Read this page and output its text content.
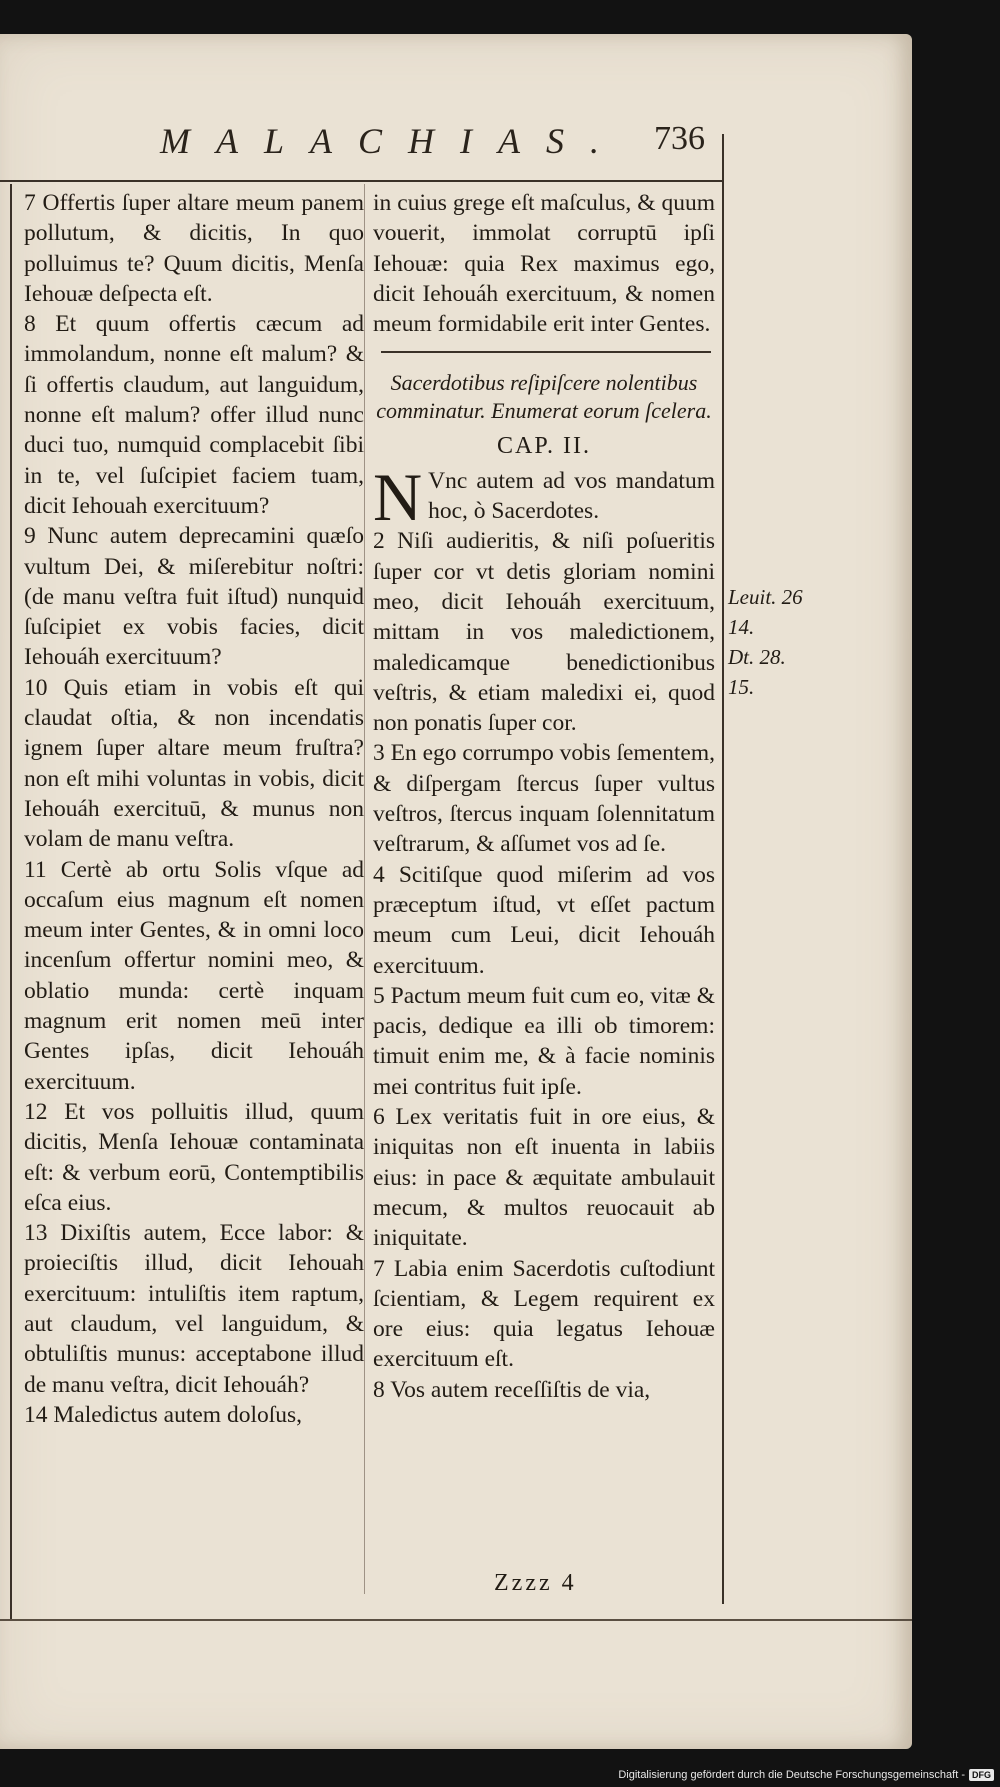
MALACHIAS. 736

7 Offertis ſuper altare meum panem pollutum, & dicitis, In quo polluimus te? Quum dicitis, Menſa Iehouæ deſpecta eſt.

8 Et quum offertis cæcum ad immolandum, nonne eſt malum? & ſi offertis claudum, aut languidum, nonne eſt malum? offer illud nunc duci tuo, numquid complacebit ſibi in te, vel ſuſcipiet faciem tuam, dicit Iehouah exercituum?

9 Nunc autem deprecamini quæſo vultum Dei, & miſerebitur noſtri: (de manu veſtra fuit iſtud) nunquid ſuſcipiet ex vobis facies, dicit Iehouáh exercituum?

10 Quis etiam in vobis eſt qui claudat oſtia, & non incendatis ignem ſuper altare meum fruſtra? non eſt mihi voluntas in vobis, dicit Iehouáh exercituū, & munus non volam de manu veſtra.

11 Certè ab ortu Solis vſque ad occaſum eius magnum eſt nomen meum inter Gentes, & in omni loco incenſum offertur nomini meo, & oblatio munda: certè inquam magnum erit nomen meū inter Gentes ipſas, dicit Iehouáh exercituum.

12 Et vos polluitis illud, quum dicitis, Menſa Iehouæ contaminata eſt: & verbum eorū, Contemptibilis eſca eius.

13 Dixiſtis autem, Ecce labor: & proieciſtis illud, dicit Iehouah exercituum: intuliſtis item raptum, aut claudum, vel languidum, & obtuliſtis munus: acceptabone illud de manu veſtra, dicit Iehouáh?

14 Maledictus autem doloſus,

in cuius grege eſt maſculus, & quum vouerit, immolat corruptū ipſi Iehouæ: quia Rex maximus ego, dicit Iehouáh exercituum, & nomen meum formidabile erit inter Gentes.

Sacerdotibus reſipiſcere nolentibus comminatur. Enumerat eorum ſcelera.

CAP. II.

N Vnc autem ad vos mandatum hoc, ò Sacerdotes.

2 Niſi audieritis, & niſi poſueritis ſuper cor vt detis gloriam nomini meo, dicit Iehouáh exercituum, mittam in vos maledictionem, maledicamque benedictionibus veſtris, & etiam maledixi ei, quod non ponatis ſuper cor.

3 En ego corrumpo vobis ſementem, & diſpergam ſtercus ſuper vultus veſtros, ſtercus inquam ſolennitatum veſtrarum, & aſſumet vos ad ſe.

4 Scitiſque quod miſerim ad vos præceptum iſtud, vt eſſet pactum meum cum Leui, dicit Iehouáh exercituum.

5 Pactum meum fuit cum eo, vitæ & pacis, dedique ea illi ob timorem: timuit enim me, & à facie nominis mei contritus fuit ipſe.

6 Lex veritatis fuit in ore eius, & iniquitas non eſt inuenta in labiis eius: in pace & æquitate ambulauit mecum, & multos reuocauit ab iniquitate.

7 Labia enim Sacerdotis cuſtodiunt ſcientiam, & Legem requirent ex ore eius: quia legatus Iehouæ exercituum eſt.

8 Vos autem receſſiſtis de via,

Leuit. 26
14.
Dt. 28.
15.
Zzzz 4
Digitalisierung gefördert durch die Deutsche Forschungsgemeinschaft - DFG
